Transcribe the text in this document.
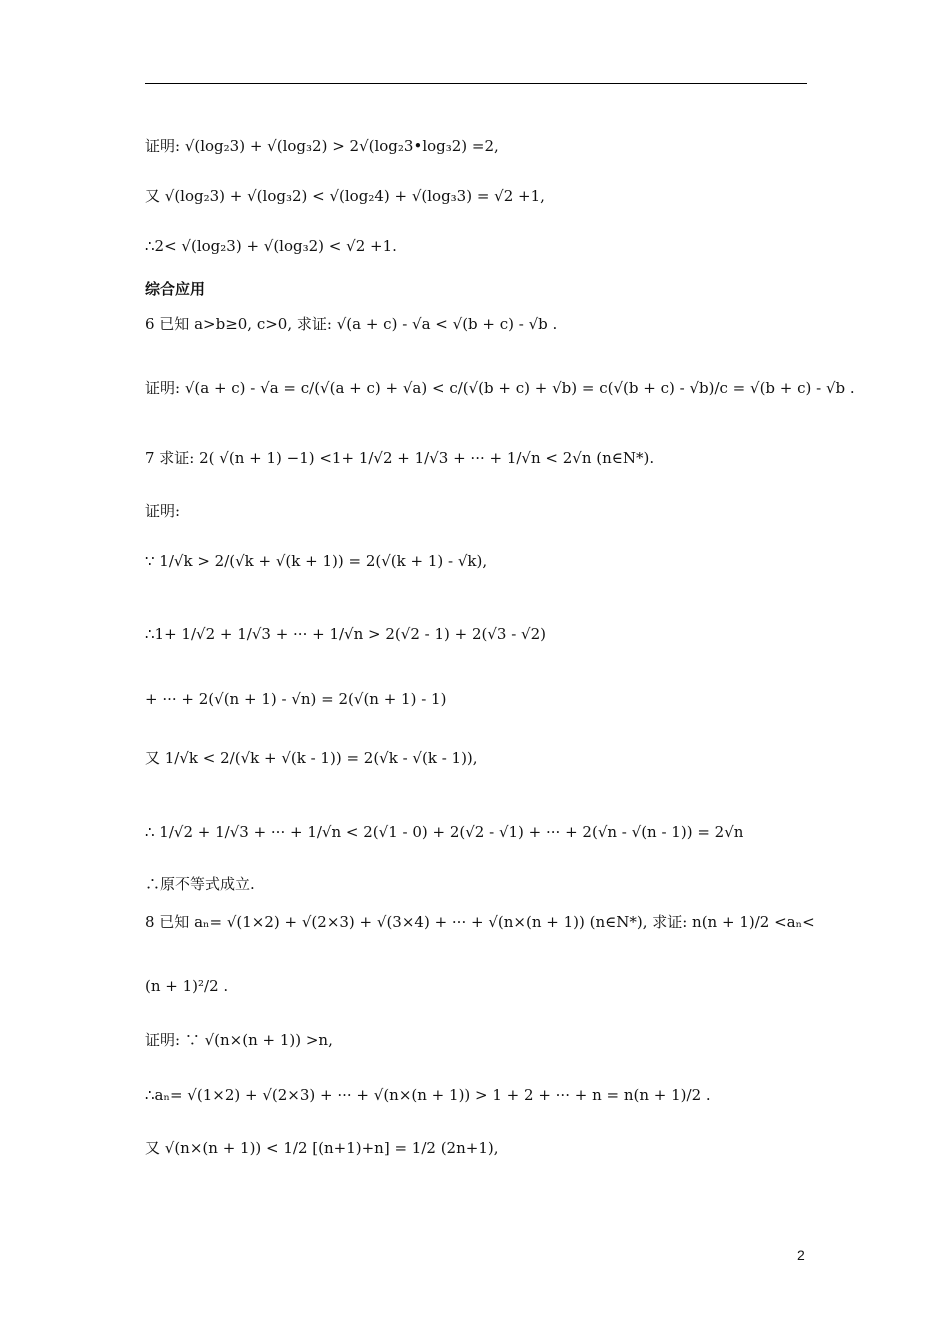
证明: √(log₂3) + √(log₃2) > 2√(log₂3•log₃2) =2,
又 √(log₂3) + √(log₃2) < √(log₂4) + √(log₃3) = √2 +1,
∴2< √(log₂3) + √(log₃2) < √2 +1.
综合应用
6 已知 a>b≥0, c>0, 求证: √(a + c) - √a < √(b + c) - √b .
证明: √(a + c) - √a = c/(√(a + c) + √a) < c/(√(b + c) + √b) = c(√(b + c) - √b)/c = √(b + c) - √b .
7 求证: 2( √(n + 1) −1) <1+ 1/√2 + 1/√3 + ··· + 1/√n < 2√n (n∈N*).
证明:
∵ 1/√k > 2/(√k + √(k + 1)) = 2(√(k + 1) - √k),
∴1+ 1/√2 + 1/√3 + ··· + 1/√n > 2(√2 - 1) + 2(√3 - √2)
+ ··· + 2(√(n + 1) - √n) = 2(√(n + 1) - 1)
又 1/√k < 2/(√k + √(k - 1)) = 2(√k - √(k - 1)),
∴ 1/√2 + 1/√3 + ··· + 1/√n < 2(√1 - 0) + 2(√2 - √1) + ··· + 2(√n - √(n - 1)) = 2√n
∴原不等式成立.
8 已知 aₙ= √(1×2) + √(2×3) + √(3×4) + ··· + √(n×(n + 1)) (n∈N*), 求证: n(n + 1)/2 <aₙ<
(n + 1)²/2 .
证明: ∵ √(n×(n + 1)) >n,
∴aₙ= √(1×2) + √(2×3) + ··· + √(n×(n + 1)) > 1 + 2 + ··· + n = n(n + 1)/2 .
又 √(n×(n + 1)) < 1/2 [(n+1)+n] = 1/2 (2n+1),
2
